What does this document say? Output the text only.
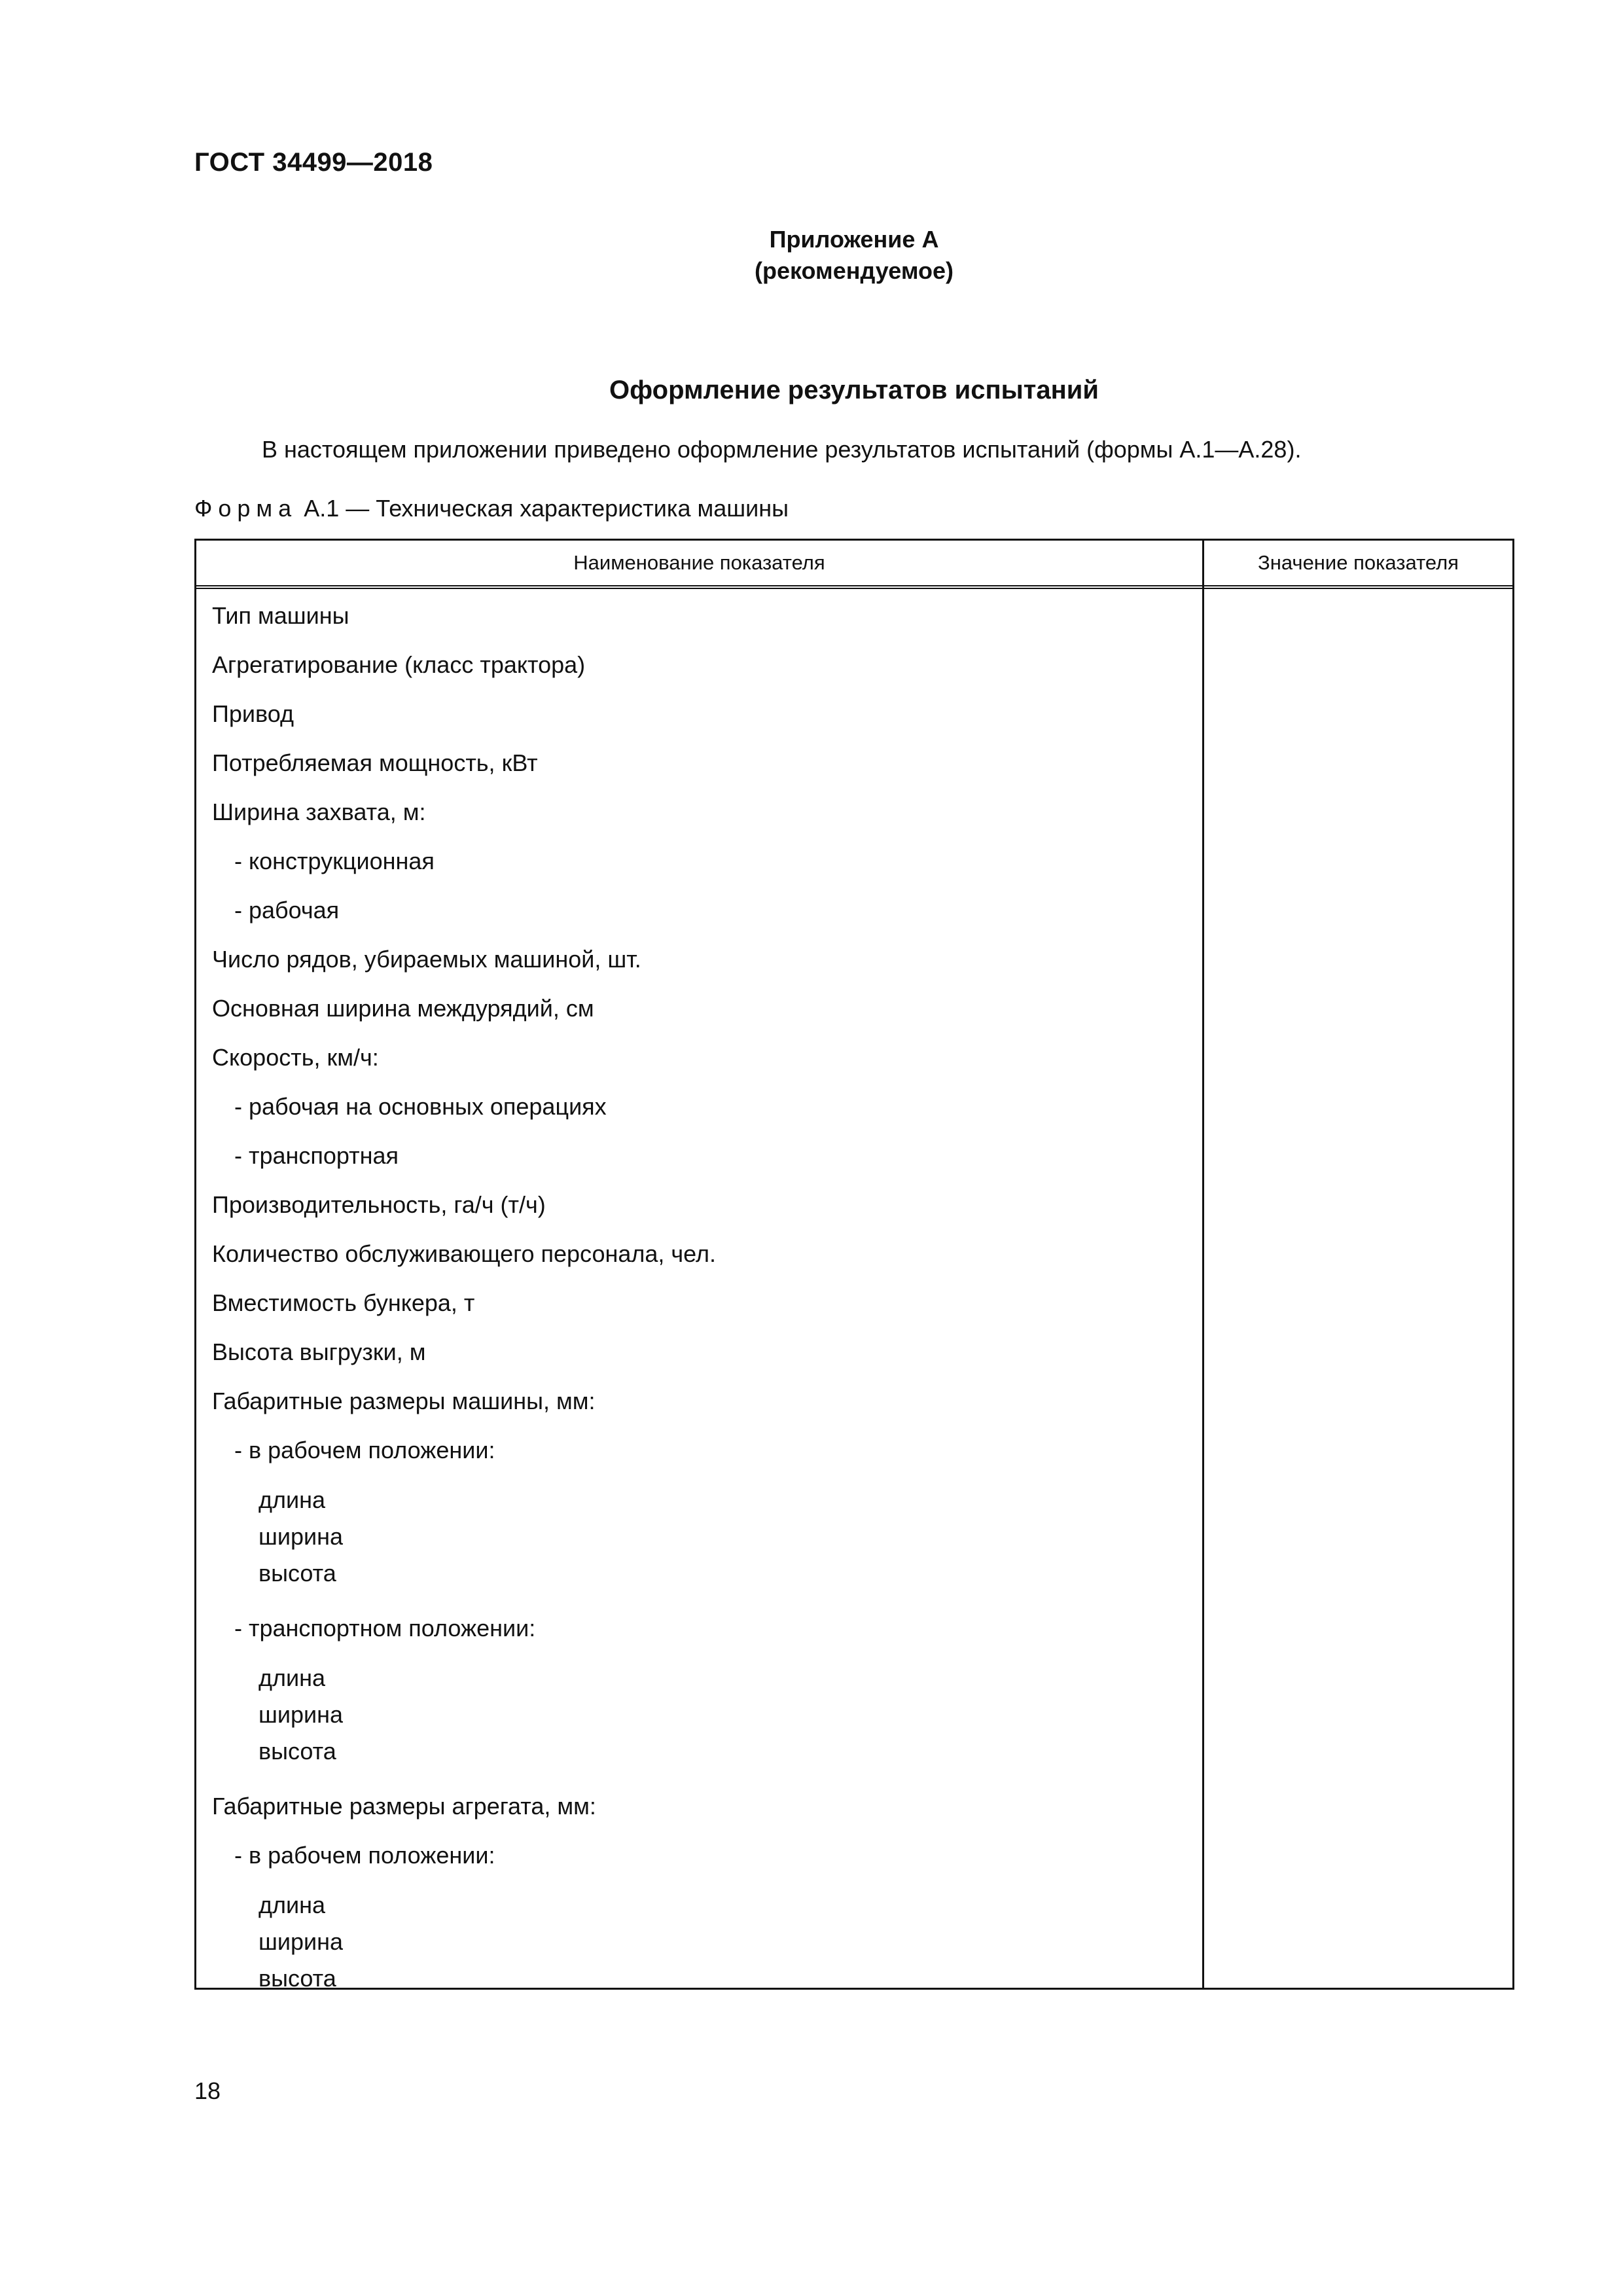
ГОСТ 34499—2018
Приложение А
(рекомендуемое)
Оформление результатов испытаний
В настоящем приложении приведено оформление результатов испытаний (формы А.1—А.28).
Форма А.1 — Техническая характеристика машины
Наименование показателя	Значение показателя
Тип машины
Агрегатирование (класс трактора)
Привод
Потребляемая мощность, кВт
Ширина захвата, м:
- конструкционная
- рабочая
Число рядов, убираемых машиной, шт.
Основная ширина междурядий, см
Скорость, км/ч:
- рабочая на основных операциях
- транспортная
Производительность, га/ч (т/ч)
Количество обслуживающего персонала, чел.
Вместимость бункера, т
Высота выгрузки, м
Габаритные размеры машины, мм:
- в рабочем положении:
длина
ширина
высота
- транспортном положении:
длина
ширина
высота
Габаритные размеры агрегата, мм:
- в рабочем положении:
длина
ширина
высота
18
